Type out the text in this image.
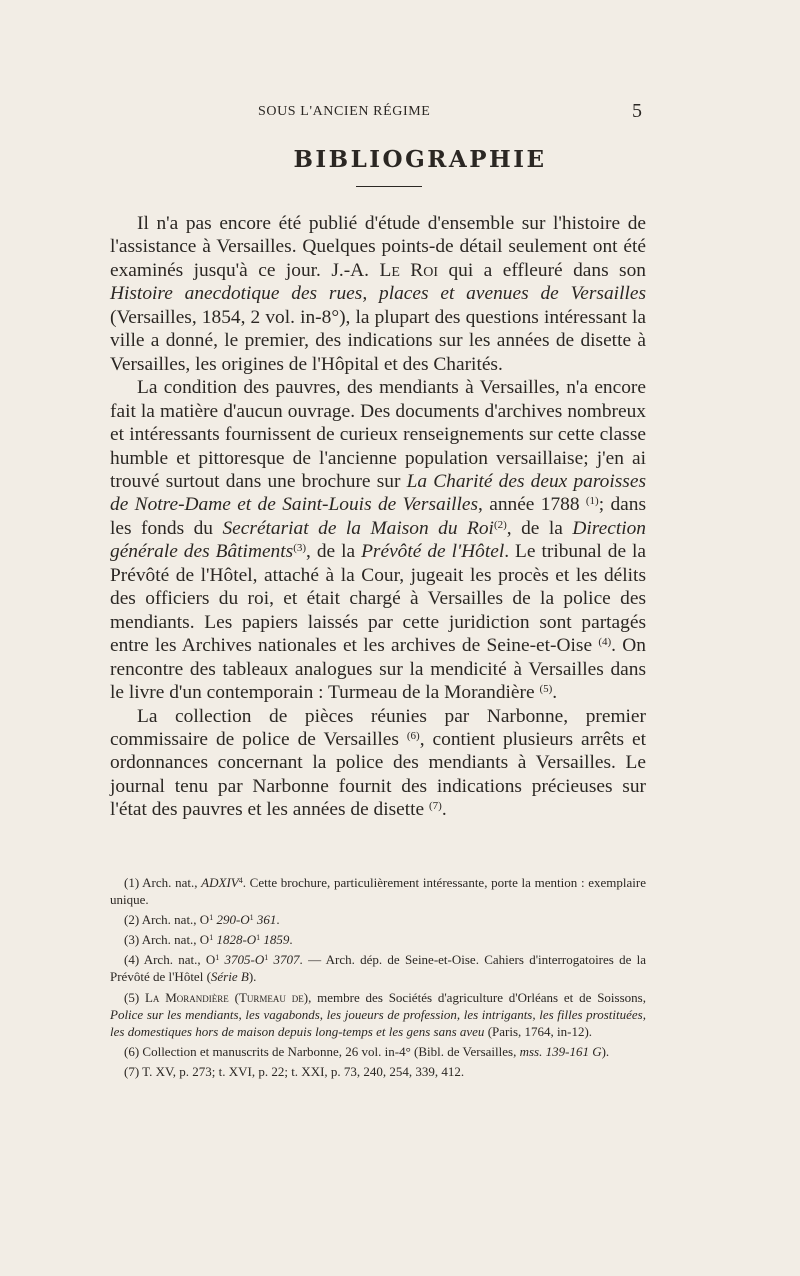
SOUS L'ANCIEN RÉGIME	5
BIBLIOGRAPHIE

Il n'a pas encore été publié d'étude d'ensemble sur l'histoire de l'assistance à Versailles. Quelques points-de détail seulement ont été examinés jusqu'à ce jour. J.-A. Le Roi qui a effleuré dans son Histoire anecdotique des rues, places et avenues de Versailles (Versailles, 1854, 2 vol. in-8°), la plupart des questions intéressant la ville a donné, le premier, des indications sur les années de disette à Versailles, les origines de l'Hôpital et des Charités.

La condition des pauvres, des mendiants à Versailles, n'a encore fait la matière d'aucun ouvrage. Des documents d'archives nombreux et intéressants fournissent de curieux renseignements sur cette classe humble et pittoresque de l'ancienne population versaillaise; j'en ai trouvé surtout dans une brochure sur La Charité des deux paroisses de Notre-Dame et de Saint-Louis de Versailles, année 1788 $^{(1)}$; dans les fonds du Secrétariat de la Maison du Roi$^{(2)}$, de la Direction générale des Bâtiments$^{(3)}$, de la Prévôté de l'Hôtel. Le tribunal de la Prévôté de l'Hôtel, attaché à la Cour, jugeait les procès et les délits des officiers du roi, et était chargé à Versailles de la police des mendiants. Les papiers laissés par cette juridiction sont partagés entre les Archives nationales et les archives de Seine-et-Oise $^{(4)}$. On rencontre des tableaux analogues sur la mendicité à Versailles dans le livre d'un contemporain : Turmeau de la Morandière $^{(5)}$.

La collection de pièces réunies par Narbonne, premier commissaire de police de Versailles $^{(6)}$, contient plusieurs arrêts et ordonnances concernant la police des mendiants à Versailles. Le journal tenu par Narbonne fournit des indications précieuses sur l'état des pauvres et les années de disette $^{(7)}$.

(1) Arch. nat., ADXIV$^4$. Cette brochure, particulièrement intéressante, porte la mention : exemplaire unique.

(2) Arch. nat., $O^1$ $290-O^1$ 361.

(3) Arch. nat., $O^1$ $1828-O^1$ 1859.

(4) Arch. nat., $O^1$ $3705-O^1$ 3707. — Arch. dép. de Seine-et-Oise. Cahiers d'interrogatoires de la Prévôté de l'Hôtel (Série B).

(5) La Morandière (Turmeau de), membre des Sociétés d'agriculture d'Orléans et de Soissons, Police sur les mendiants, les vagabonds, les joueurs de profession, les intrigants, les filles prostituées, les domestiques hors de maison depuis long-temps et les gens sans aveu (Paris, 1764, in-12).

(6) Collection et manuscrits de Narbonne, 26 vol. in-4° (Bibl. de Versailles, mss. 139-161 G).

(7) T. XV, p. 273; t. XVI, p. 22; t. XXI, p. 73, 240, 254, 339, 412.
